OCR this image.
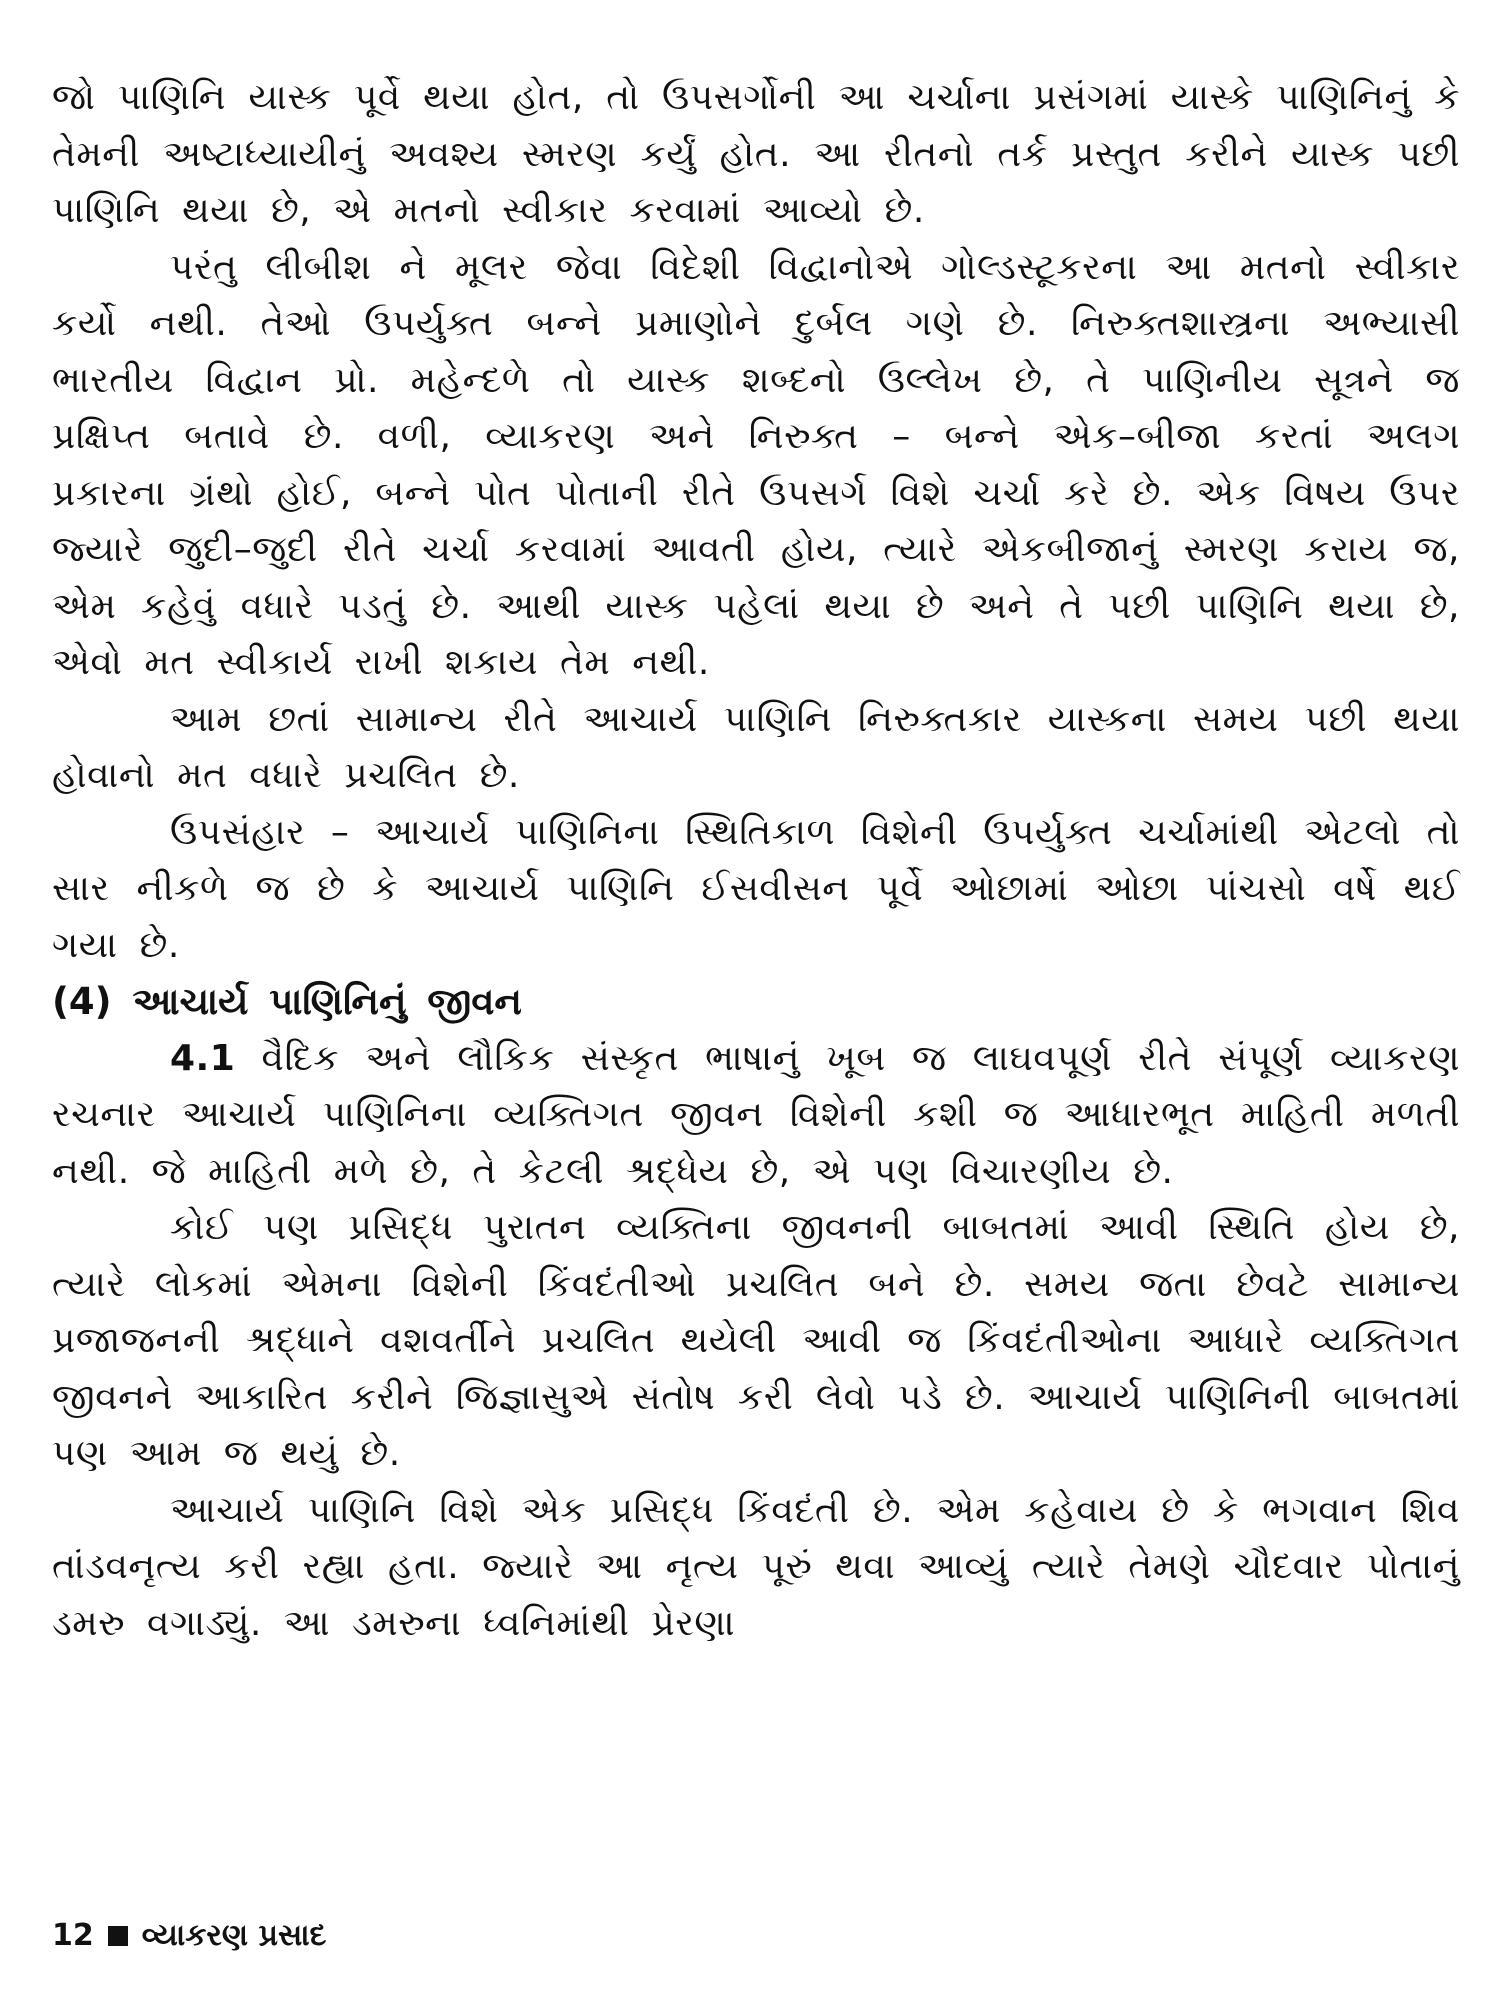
જો પાણિનિ યાસ્ક પૂર્વે થયા હોત, તો ઉપસર્ગોની આ ચર્ચાના પ્રસંગમાં યાસ્કે પાણિનિનું કે તેમની અષ્ટાધ્યાયીનું અવશ્ય સ્મરણ કર્યું હોત. આ રીતનો તર્ક પ્રસ્તુત કરીને યાસ્ક પછી પાણિનિ થયા છે, એ મતનો સ્વીકાર કરવામાં આવ્યો છે.

પરંતુ લીબીશ ને મૂલર જેવા વિદેશી વિદ્વાનોએ ગોલ્ડસ્ટૂકરના આ મતનો સ્વીકાર કર્યો નથી. તેઓ ઉપર્યુક્ત બન્ને પ્રમાણોને દુર્બલ ગણે છે. નિરુક્તશાસ્ત્રના અભ્યાસી ભારતીય વિદ્વાન પ્રો. મહેન્દળે તો યાસ્ક શબ્દનો ઉલ્લેખ છે, તે પાણિનીય સૂત્રને જ પ્રક્ષિપ્ત બતાવે છે. વળી, વ્યાકરણ અને નિરુક્ત – બન્ને એક–બીજા કરતાં અલગ પ્રકારના ગ્રંથો હોઈ, બન્ને પોત પોતાની રીતે ઉપસર્ગ વિશે ચર્ચા કરે છે. એક વિષય ઉપર જ્યારે જુદી–જુદી રીતે ચર્ચા કરવામાં આવતી હોય, ત્યારે એકબીજાનું સ્મરણ કરાય જ, એમ કહેવું વધારે પડતું છે. આથી યાસ્ક પહેલાં થયા છે અને તે પછી પાણિનિ થયા છે, એવો મત સ્વીકાર્ય રાખી શકાય તેમ નથી.

આમ છતાં સામાન્ય રીતે આચાર્ય પાણિનિ નિરુક્તકાર યાસ્કના સમય પછી થયા હોવાનો મત વધારે પ્રચલિત છે.

ઉપસંહાર – આચાર્ય પાણિનિના સ્થિતિકાળ વિશેની ઉપર્યુક્ત ચર્ચામાંથી એટલો તો સાર નીકળે જ છે કે આચાર્ય પાણિનિ ઈસવીસન પૂર્વે ઓછામાં ઓછા પાંચસો વર્ષે થઈ ગયા છે.

(4) આચાર્ય પાણિનિનું જીવન

4.1 વૈદિક અને લૌકિક સંસ્કૃત ભાષાનું ખૂબ જ લાઘવપૂર્ણ રીતે સંપૂર્ણ વ્યાકરણ રચનાર આચાર્ય પાણિનિના વ્યક્તિગત જીવન વિશેની કશી જ આધારભૂત માહિતી મળતી નથી. જે માહિતી મળે છે, તે કેટલી શ્રદ્ધેય છે, એ પણ વિચારણીય છે.

કોઈ પણ પ્રસિદ્ધ પુરાતન વ્યક્તિના જીવનની બાબતમાં આવી સ્થિતિ હોય છે, ત્યારે લોકમાં એમના વિશેની કિંવદંતીઓ પ્રચલિત બને છે. સમય જતા છેવટે સામાન્ય પ્રજાજનની શ્રદ્ધાને વશવર્તીને પ્રચલિત થયેલી આવી જ કિંવદંતીઓના આધારે વ્યક્તિગત જીવનને આકારિત કરીને જિજ્ઞાસુએ સંતોષ કરી લેવો પડે છે. આચાર્ય પાણિનિની બાબતમાં પણ આમ જ થયું છે.

આચાર્ય પાણિનિ વિશે એક પ્રસિદ્ધ કિંવદંતી છે. એમ કહેવાય છે કે ભગવાન શિવ તાંડવનૃત્ય કરી રહ્યા હતા. જ્યારે આ નૃત્ય પૂરું થવા આવ્યું ત્યારે તેમણે ચૌદવાર પોતાનું ડમરુ વગાડ્યું. આ ડમરુના ધ્વનિમાંથી પ્રેરણા

12 વ્યાકરણ પ્રસાદ
